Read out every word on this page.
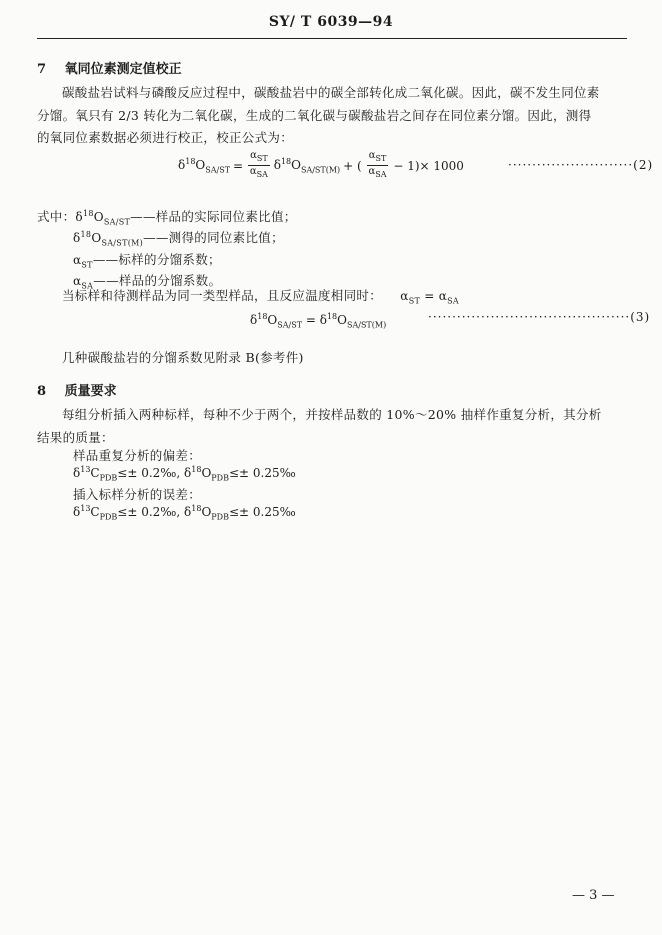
SY/ T 6039—94
7 氧同位素测定值校正
碳酸盐岩试料与磷酸反应过程中，碳酸盐岩中的碳全部转化成二氧化碳。因此，碳不发生同位素
分馏。氧只有 2/3 转化为二氧化碳，生成的二氧化碳与碳酸盐岩之间存在同位素分馏。因此，测得
的氧同位素数据必须进行校正，校正公式为：
$\delta^{18}O_{SA/ST} = \frac{\alpha_{ST}}{\alpha_{SA}} \delta^{18}O_{SA/ST(M)}$ + ( $\frac{\alpha_{ST}}{\alpha_{SA}} - 1)\times 1000$	··························(2)
式中：$\delta^{18}O_{SA/ST}——$样品的实际同位素比值；
$\delta^{18}O_{SA/ST(M)}——$测得的同位素比值；
$\alpha_{ST}——$标样的分馏系数；
$\alpha_{SA}——$样品的分馏系数。
当标样和待测样品为同一类型样品，且反应温度相同时： $\alpha_{ST} = \alpha_{SA}$
$\delta^{18}O_{SA/ST} = \delta^{18}O_{SA/ST(M)}$
··········································(3)
几种碳酸盐岩的分馏系数见附录 B(参考件)
8 质量要求
每组分析插入两种标样，每种不少于两个，并按样品数的 10%～20% 抽样作重复分析，其分析
结果的质量：
样品重复分析的偏差：
$\delta^{13}C_{PDB}\le\pm$ 0.2‰, $\delta^{18}O_{PDB}\le\pm$ 0.25‰
插入标样分析的误差：
$\delta^{13}C_{PDB}\le\pm$ 0.2‰, $\delta^{18}O_{PDB}\le\pm$ 0.25‰
— 3 —
